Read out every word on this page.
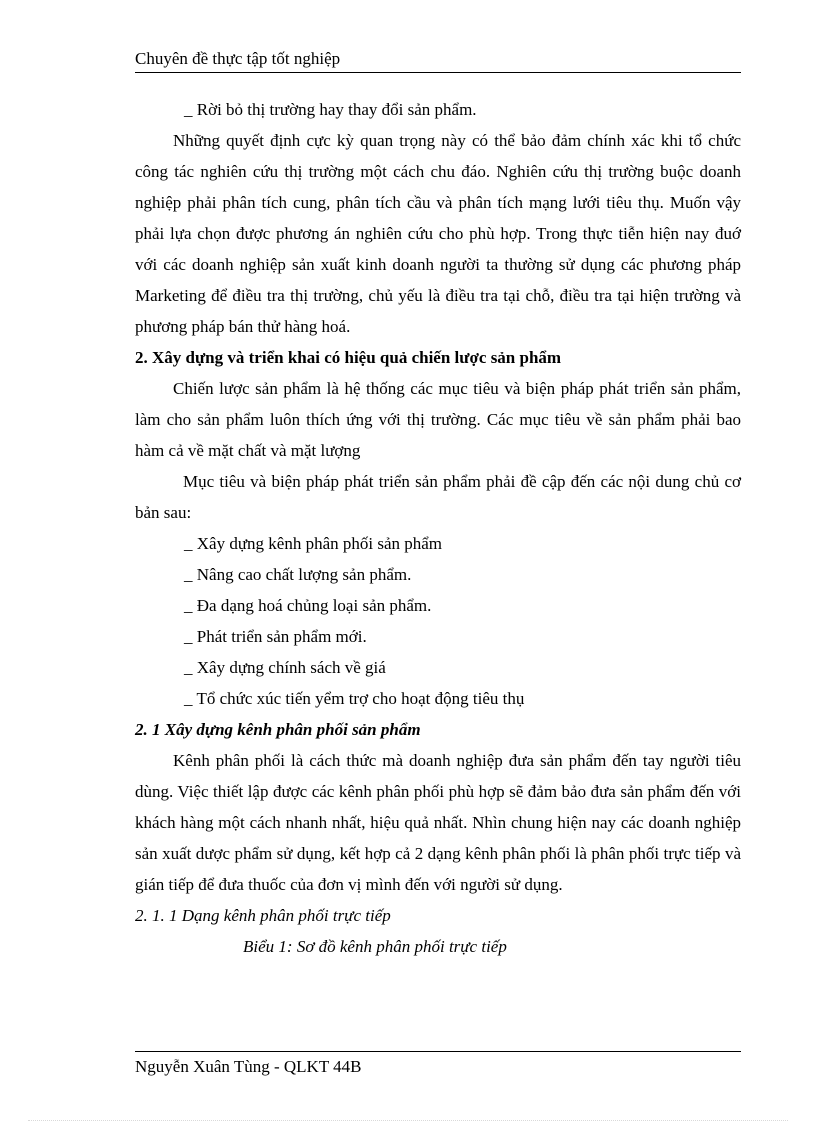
Chuyên đề thực tập tốt nghiệp

_ Rời bỏ thị trường hay thay đổi sản phẩm.

Những quyết định cực kỳ quan trọng này có thể bảo đảm chính xác khi tổ chức công tác nghiên cứu thị trường một cách chu đáo. Nghiên cứu thị trường buộc doanh nghiệp phải phân tích cung, phân tích cầu và phân tích mạng lưới tiêu thụ. Muốn vậy phải lựa chọn được phương án nghiên cứu cho phù hợp. Trong thực tiễn hiện nay đuớ với các doanh nghiệp sản xuất kinh doanh người ta thường sử dụng các phương pháp Marketing để điều tra thị trường, chủ yếu là điều tra tại chỗ, điều tra tại hiện trường và phương pháp bán thử hàng hoá.

2. Xây dựng và triển khai có hiệu quả chiến lược sản phẩm

Chiến lược sản phẩm là hệ thống các mục tiêu và biện pháp phát triển sản phẩm, làm cho sản phẩm luôn thích ứng với thị trường. Các mục tiêu về sản phẩm phải bao hàm cả về mặt chất và mặt lượng

Mục tiêu và biện pháp phát triển sản phẩm phải đề cập đến các nội dung chủ cơ bản sau:

_ Xây dựng kênh phân phối sản phẩm

_ Nâng cao chất lượng sản phẩm.

_ Đa dạng hoá chủng loại sản phẩm.

_ Phát triển sản phẩm mới.

_ Xây dựng chính sách về giá

_ Tổ chức xúc tiến yểm trợ cho hoạt động tiêu thụ

2. 1 Xây dựng kênh phân phối sản phẩm

Kênh phân phối là cách thức mà doanh nghiệp đưa sản phẩm đến tay người tiêu dùng. Việc thiết lập được các kênh phân phối phù hợp sẽ đảm bảo đưa sản phẩm đến với khách hàng một cách nhanh nhất, hiệu quả nhất. Nhìn chung hiện nay các doanh nghiệp sản xuất dược phẩm sử dụng, kết hợp cả 2 dạng kênh phân phối là phân phối trực tiếp và gián tiếp để đưa thuốc của đơn vị mình đến với người sử dụng.

2. 1. 1 Dạng kênh phân phối trực tiếp

Biểu 1: Sơ đồ kênh phân phối trực tiếp

Nguyễn Xuân Tùng - QLKT 44B
